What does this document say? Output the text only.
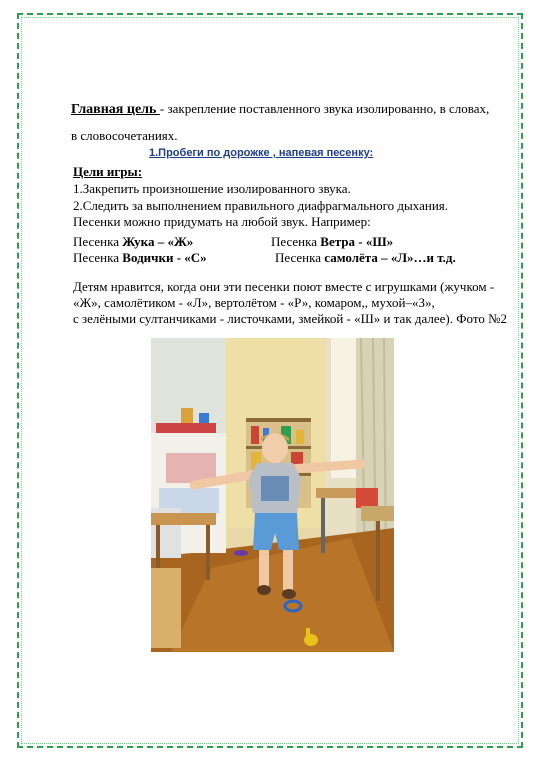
Главная цель - закрепление поставленного звука изолированно, в словах,
в словосочетаниях.
1.Пробеги по дорожке , напевая песенку:
Цели игры:
1.Закрепить произношение изолированного звука.
2.Следить за выполнением правильного диафрагмального дыхания.
Песенки можно придумать на любой звук. Например:
Песенка Жука – «Ж»	Песенка Ветра - «Ш»
Песенка Водички - «С»	Песенка самолёта – «Л»…и т.д.
Детям нравится, когда они эти песенки поют вместе с игрушками (жучком -
«Ж», самолётиком - «Л», вертолётом - «Р», комаром,, мухой–«З»,
с зелёными султанчиками - листочками, змейкой - «Ш» и так далее). Фото №2
